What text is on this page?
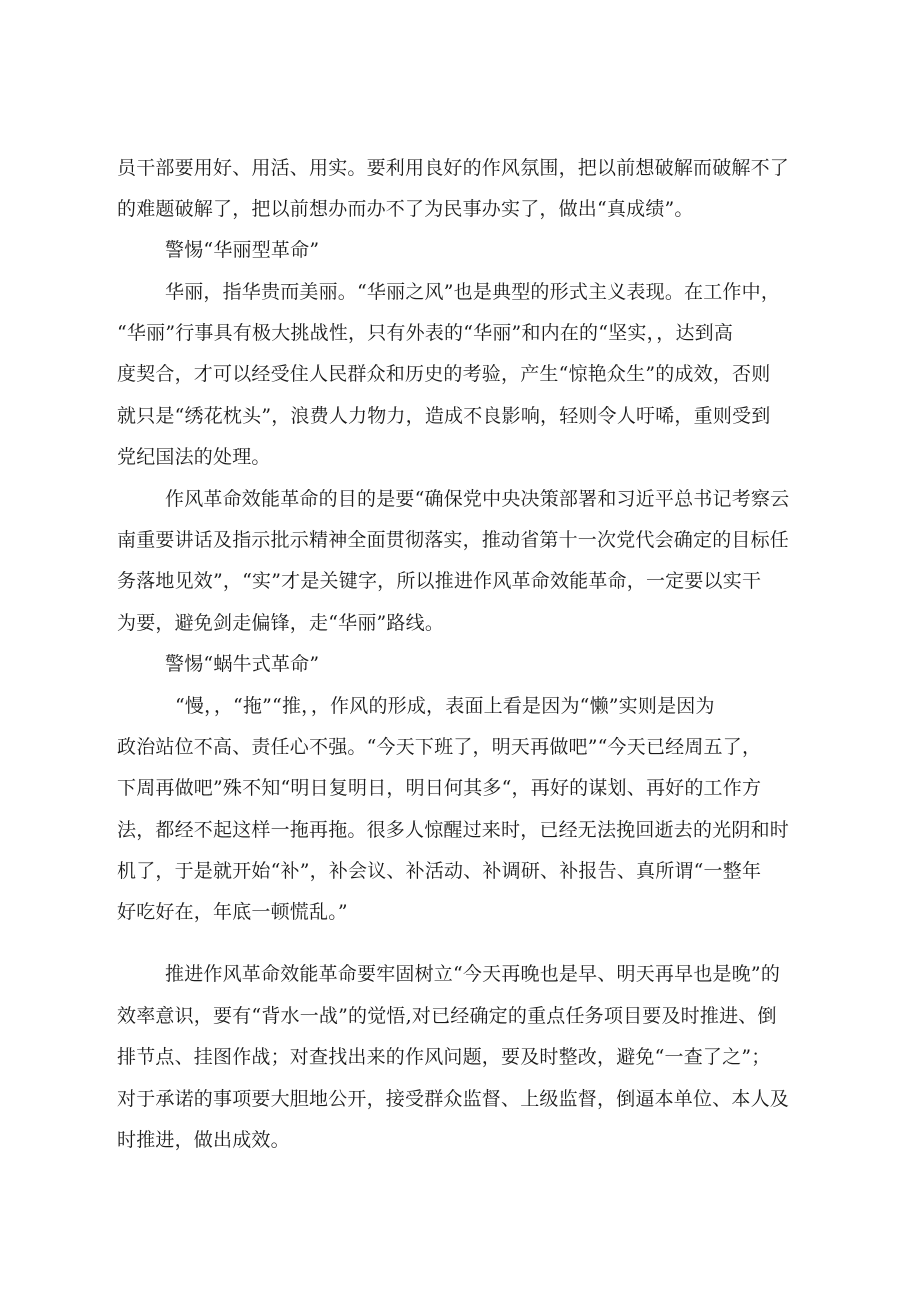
员干部要用好、用活、用实。要利用良好的作风氛围，把以前想破解而破解不了
的难题破解了，把以前想办而办不了为民事办实了，做出“真成绩”。
警惕“华丽型革命”
华丽，指华贵而美丽。“华丽之风”也是典型的形式主义表现。在工作中，
“华丽”行事具有极大挑战性，只有外表的“华丽”和内在的“坚实，，达到高
度契合，才可以经受住人民群众和历史的考验，产生“惊艳众生”的成效，否则
就只是“绣花枕头”，浪费人力物力，造成不良影响，轻则令人吁唏，重则受到
党纪国法的处理。
作风革命效能革命的目的是要“确保党中央决策部署和习近平总书记考察云
南重要讲话及指示批示精神全面贯彻落实，推动省第十一次党代会确定的目标任
务落地见效”，“实”才是关键字，所以推进作风革命效能革命，一定要以实干
为要，避免剑走偏锋，走“华丽”路线。
警惕“蜗牛式革命”
“慢，，“拖”“推，，作风的形成，表面上看是因为“懒”实则是因为
政治站位不高、责任心不强。“今天下班了，明天再做吧”“今天已经周五了，
下周再做吧”殊不知“明日复明日，明日何其多“，再好的谋划、再好的工作方
法，都经不起这样一拖再拖。很多人惊醒过来时，已经无法挽回逝去的光阴和时
机了，于是就开始“补”，补会议、补活动、补调研、补报告、真所谓“一整年
好吃好在，年底一顿慌乱。”
推进作风革命效能革命要牢固树立“今天再晚也是早、明天再早也是晚”的
效率意识，要有“背水一战”的觉悟,对已经确定的重点任务项目要及时推进、倒
排节点、挂图作战；对查找出来的作风问题，要及时整改，避免“一查了之”；
对于承诺的事项要大胆地公开，接受群众监督、上级监督，倒逼本单位、本人及
时推进，做出成效。
